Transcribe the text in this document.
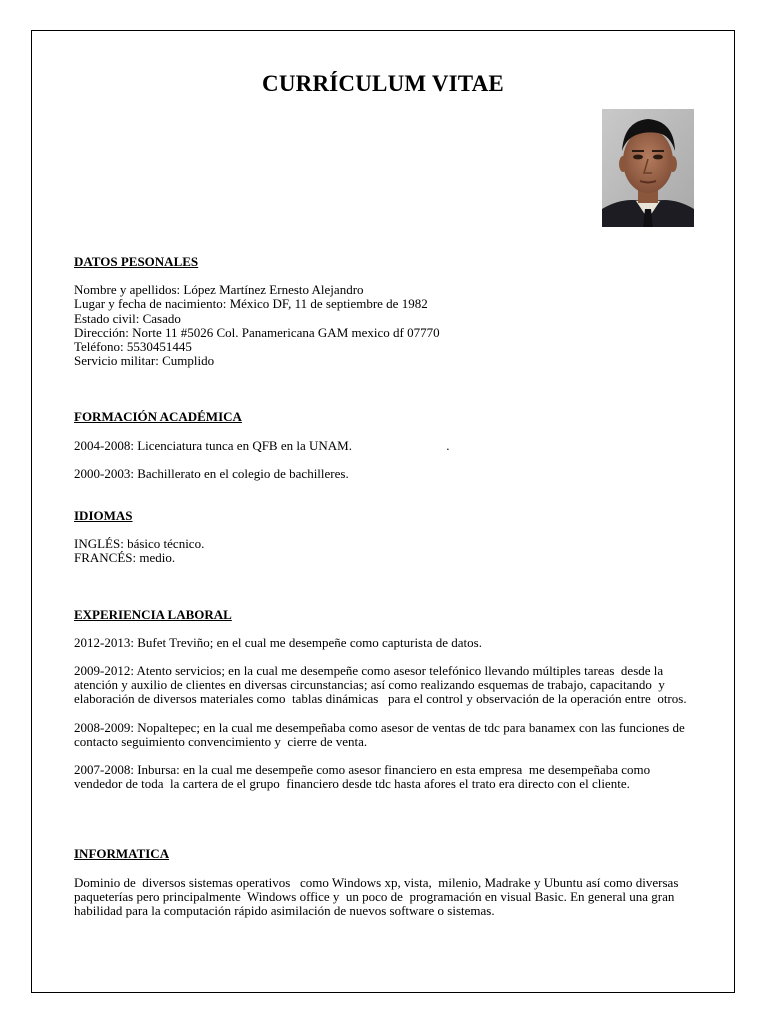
CURRÍCULUM VITAE

DATOS PESONALES

Nombre y apellidos: López Martínez Ernesto Alejandro

Lugar y fecha de nacimiento: México DF, 11 de septiembre de 1982

Estado civil: Casado

Dirección: Norte 11 #5026 Col. Panamericana GAM mexico df 07770

Teléfono: 5530451445

Servicio militar: Cumplido

FORMACIÓN ACADÉMICA

2004-2008: Licenciatura tunca en QFB en la UNAM.                             .

2000-2003: Bachillerato en el colegio de bachilleres.

IDIOMAS

INGLÉS: básico técnico.

FRANCÉS: medio.

EXPERIENCIA LABORAL

2012-2013: Bufet Treviño; en el cual me desempeñe como capturista de datos.

2009-2012: Atento servicios; en la cual me desempeñe como asesor telefónico llevando múltiples tareas  desde la atención y auxilio de clientes en diversas circunstancias; así como realizando esquemas de trabajo, capacitando  y elaboración de diversos materiales como  tablas dinámicas   para el control y observación de la operación entre  otros.

2008-2009: Nopaltepec; en la cual me desempeñaba como asesor de ventas de tdc para banamex con las funciones de contacto seguimiento convencimiento y  cierre de venta.

2007-2008: Inbursa: en la cual me desempeñe como asesor financiero en esta empresa  me desempeñaba como vendedor de toda  la cartera de el grupo  financiero desde tdc hasta afores el trato era directo con el cliente.

INFORMATICA

Dominio de  diversos sistemas operativos   como Windows xp, vista,  milenio, Madrake y Ubuntu así como diversas paqueterías pero principalmente  Windows office y  un poco de  programación en visual Basic. En general una gran habilidad para la computación rápido asimilación de nuevos software o sistemas.
